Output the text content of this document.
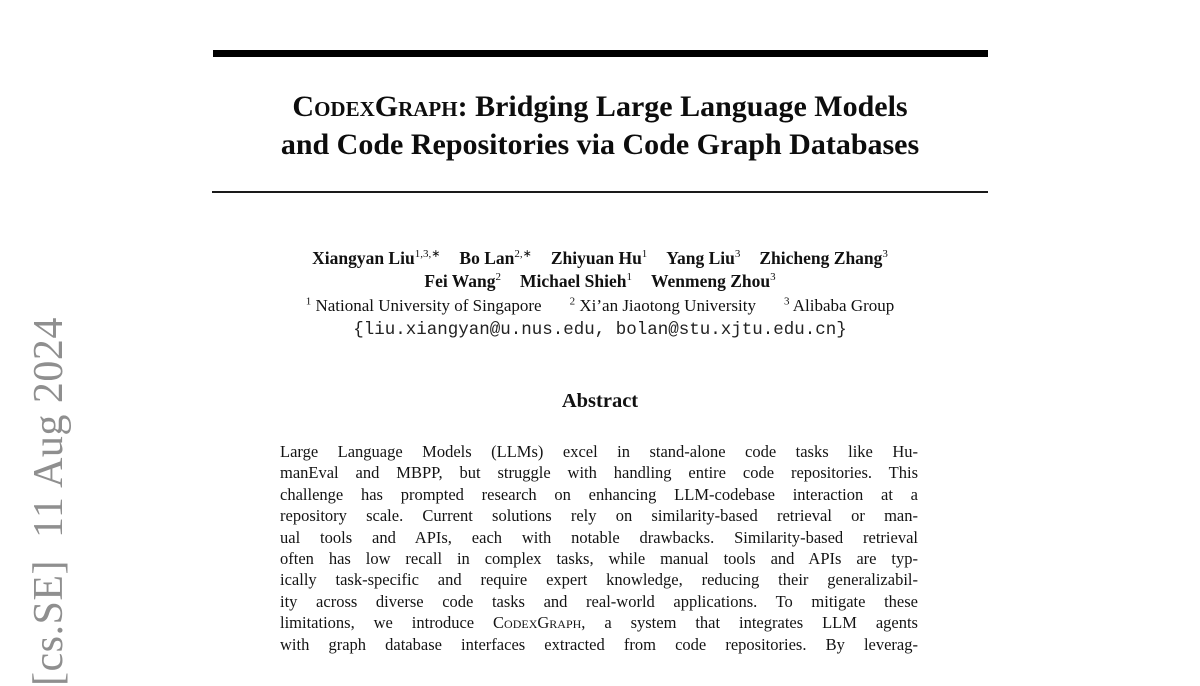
[cs.SE]  11 Aug 2024
CodexGraph: Bridging Large Language Models
and Code Repositories via Code Graph Databases
Xiangyan Liu$^{1,3,∗}$ Bo Lan$^{2,∗}$ Zhiyuan Hu$^1$ Yang Liu$^3$ Zhicheng Zhang$^3$
Fei Wang$^2$ Michael Shieh$^1$ Wenmeng Zhou$^3$
$^1$ National University of Singapore	$^2$ Xi’an Jiaotong University	$^3$ Alibaba Group
{liu.xiangyan@u.nus.edu, bolan@stu.xjtu.edu.cn}
Abstract
Large Language Models (LLMs) excel in stand-alone code tasks like Hu-
manEval and MBPP, but struggle with handling entire code repositories. This
challenge has prompted research on enhancing LLM-codebase interaction at a
repository scale. Current solutions rely on similarity-based retrieval or man-
ual tools and APIs, each with notable drawbacks. Similarity-based retrieval
often has low recall in complex tasks, while manual tools and APIs are typ-
ically task-specific and require expert knowledge, reducing their generalizabil-
ity across diverse code tasks and real-world applications. To mitigate these
limitations, we introduce CodexGraph, a system that integrates LLM agents
with graph database interfaces extracted from code repositories. By leverag-
